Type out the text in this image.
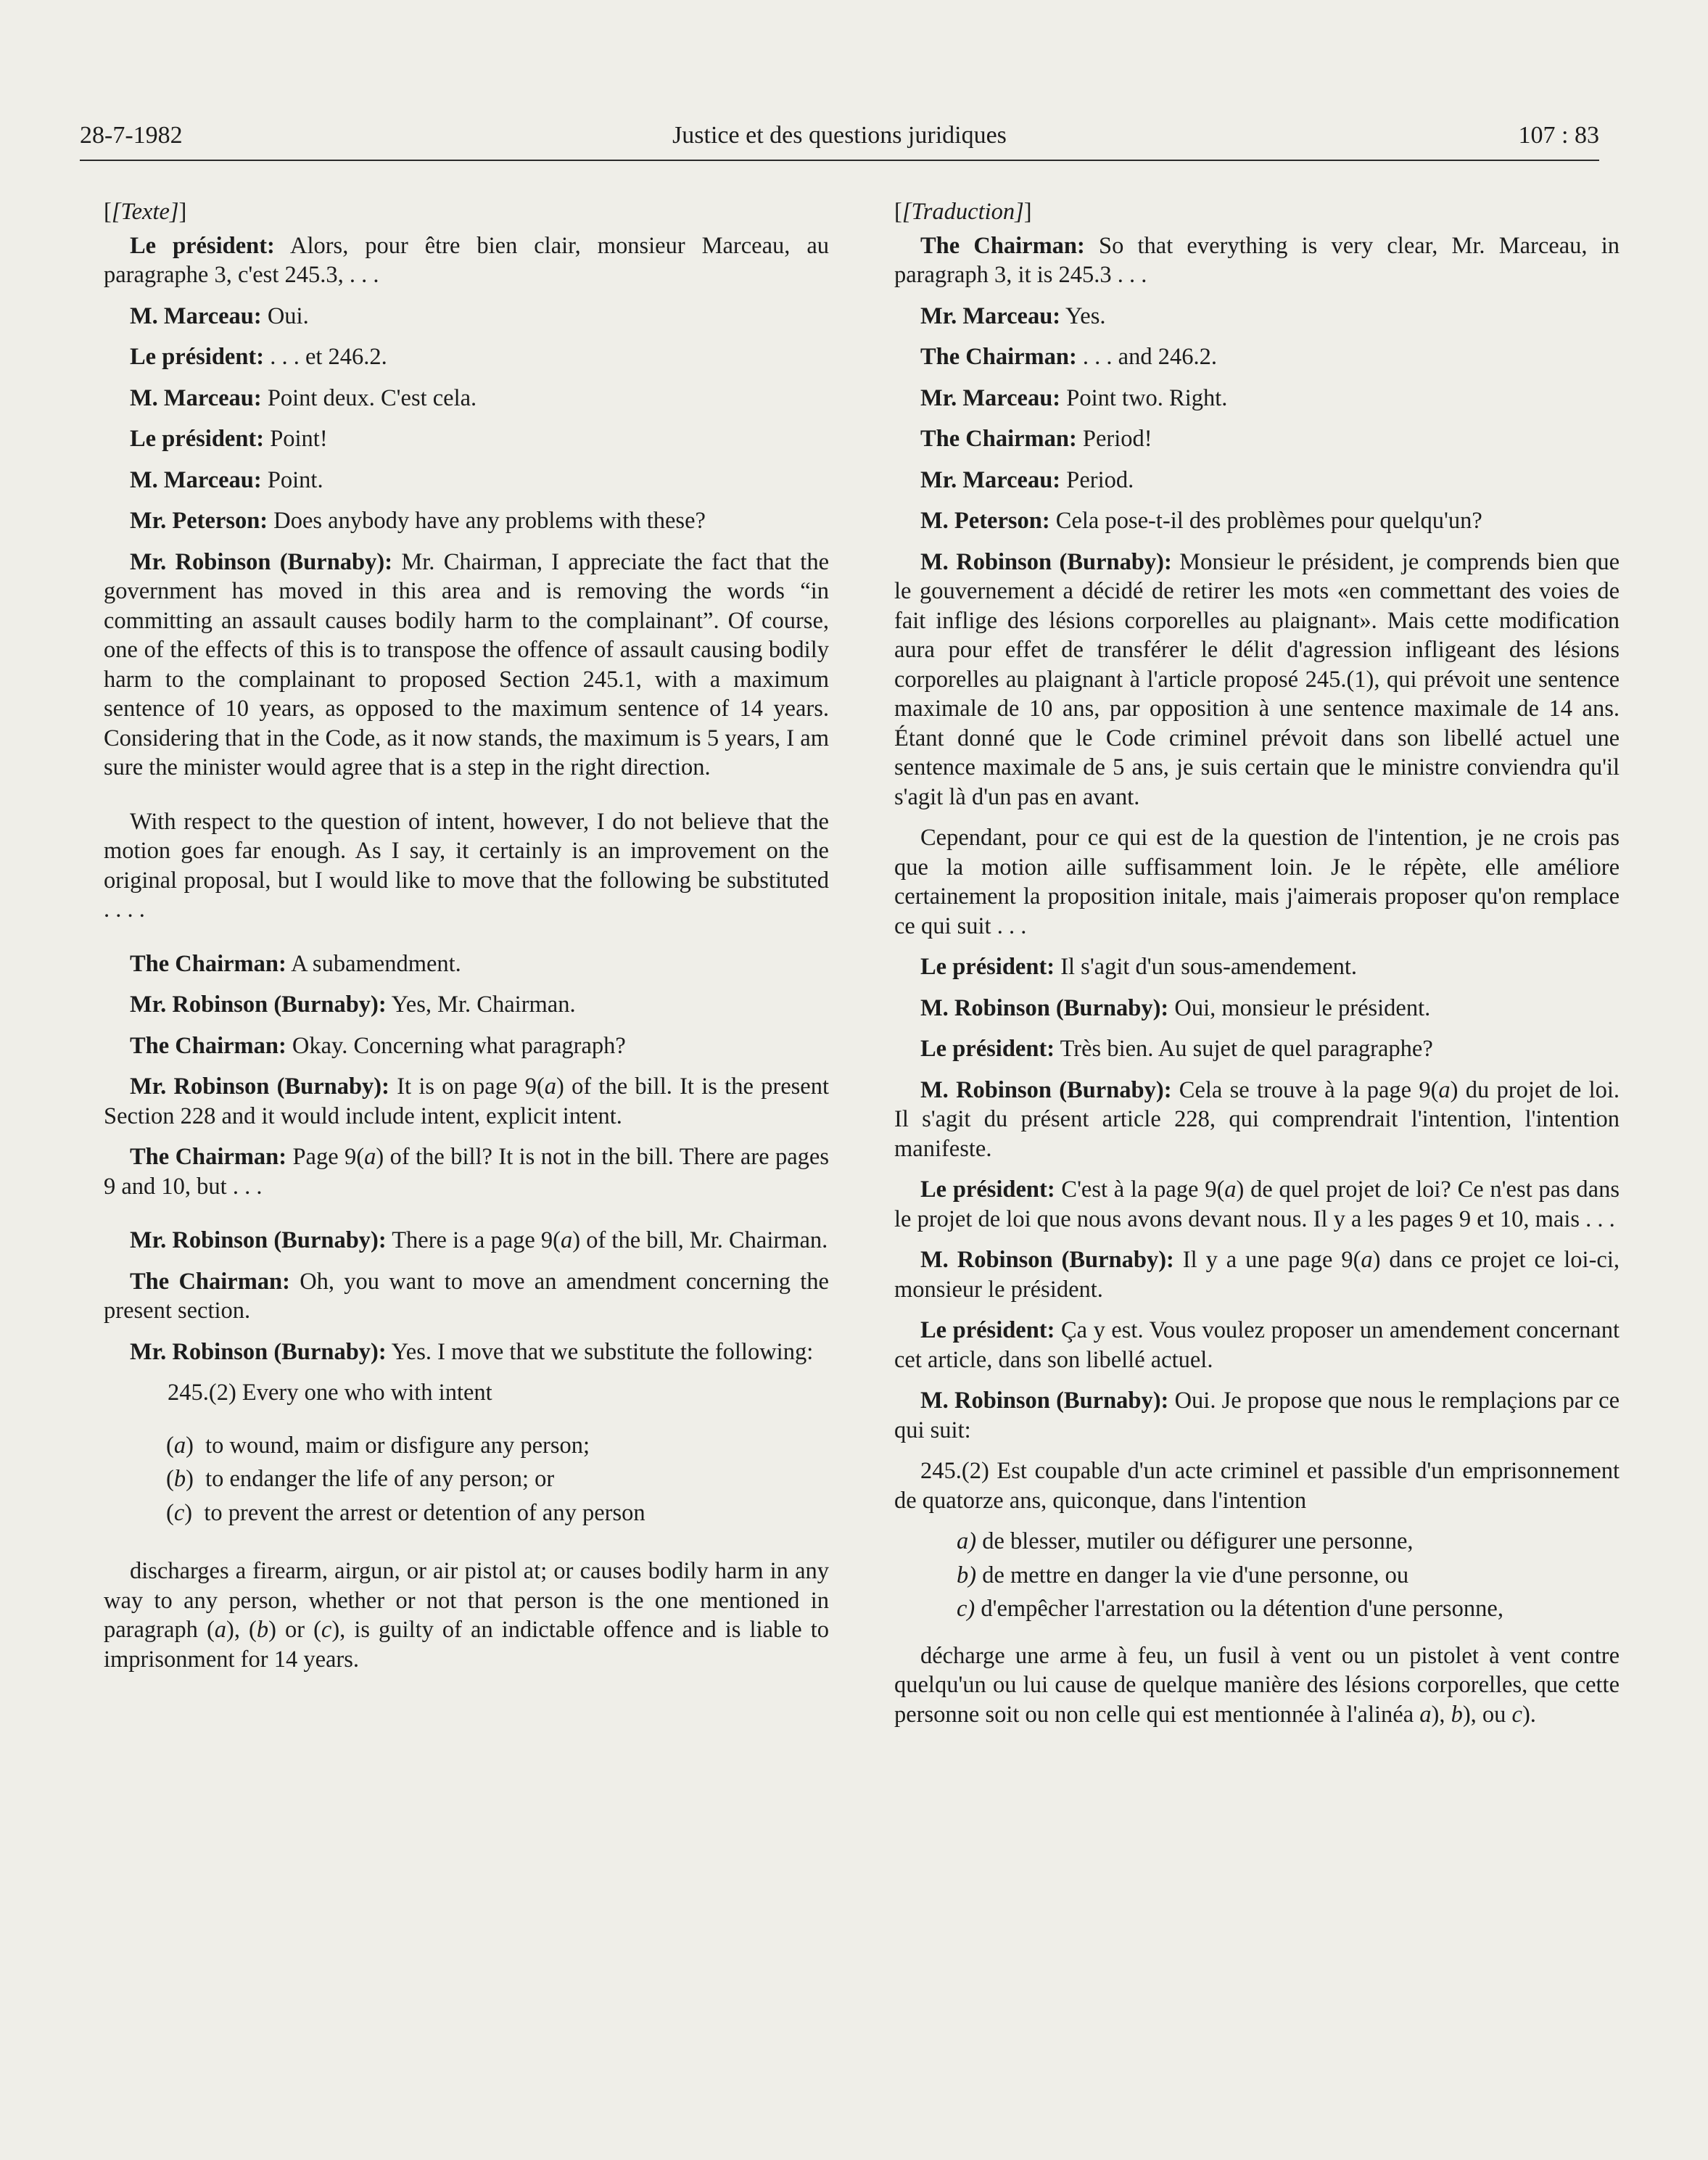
28-7-1982	Justice et des questions juridiques	107 : 83

[[Texte]]

Le président: Alors, pour être bien clair, monsieur Marceau, au paragraphe 3, c'est 245.3, . . .

M. Marceau: Oui.

Le président: . . . et 246.2.

M. Marceau: Point deux. C'est cela.

Le président: Point!

M. Marceau: Point.

Mr. Peterson: Does anybody have any problems with these?

Mr. Robinson (Burnaby): Mr. Chairman, I appreciate the fact that the government has moved in this area and is removing the words “in committing an assault causes bodily harm to the complainant”. Of course, one of the effects of this is to transpose the offence of assault causing bodily harm to the complainant to proposed Section 245.1, with a maximum sentence of 10 years, as opposed to the maximum sentence of 14 years. Considering that in the Code, as it now stands, the maximum is 5 years, I am sure the minister would agree that is a step in the right direction.

With respect to the question of intent, however, I do not believe that the motion goes far enough. As I say, it certainly is an improvement on the original proposal, but I would like to move that the following be substituted . . . .

The Chairman: A subamendment.

Mr. Robinson (Burnaby): Yes, Mr. Chairman.

The Chairman: Okay. Concerning what paragraph?

Mr. Robinson (Burnaby): It is on page 9(a) of the bill. It is the present Section 228 and it would include intent, explicit intent.

The Chairman: Page 9(a) of the bill? It is not in the bill. There are pages 9 and 10, but . . .

Mr. Robinson (Burnaby): There is a page 9(a) of the bill, Mr. Chairman.

The Chairman: Oh, you want to move an amendment concerning the present section.

Mr. Robinson (Burnaby): Yes. I move that we substitute the following:

245.(2) Every one who with intent

(a)  to wound, maim or disfigure any person;

(b)  to endanger the life of any person; or

(c)  to prevent the arrest or detention of any person

discharges a firearm, airgun, or air pistol at; or causes bodily harm in any way to any person, whether or not that person is the one mentioned in paragraph (a), (b) or (c), is guilty of an indictable offence and is liable to imprisonment for 14 years.

[[Traduction]]

The Chairman: So that everything is very clear, Mr. Marceau, in paragraph 3, it is 245.3 . . .

Mr. Marceau: Yes.

The Chairman: . . . and 246.2.

Mr. Marceau: Point two. Right.

The Chairman: Period!

Mr. Marceau: Period.

M. Peterson: Cela pose-t-il des problèmes pour quelqu'un?

M. Robinson (Burnaby): Monsieur le président, je comprends bien que le gouvernement a décidé de retirer les mots «en commettant des voies de fait inflige des lésions corporelles au plaignant». Mais cette modification aura pour effet de transférer le délit d'agression infligeant des lésions corporelles au plaignant à l'article proposé 245.(1), qui prévoit une sentence maximale de 10 ans, par opposition à une sentence maximale de 14 ans. Étant donné que le Code criminel prévoit dans son libellé actuel une sentence maximale de 5 ans, je suis certain que le ministre conviendra qu'il s'agit là d'un pas en avant.

Cependant, pour ce qui est de la question de l'intention, je ne crois pas que la motion aille suffisamment loin. Je le répète, elle améliore certainement la proposition initale, mais j'aimerais proposer qu'on remplace ce qui suit . . .

Le président: Il s'agit d'un sous-amendement.

M. Robinson (Burnaby): Oui, monsieur le président.

Le président: Très bien. Au sujet de quel paragraphe?

M. Robinson (Burnaby): Cela se trouve à la page 9(a) du projet de loi. Il s'agit du présent article 228, qui comprendrait l'intention, l'intention manifeste.

Le président: C'est à la page 9(a) de quel projet de loi? Ce n'est pas dans le projet de loi que nous avons devant nous. Il y a les pages 9 et 10, mais . . .

M. Robinson (Burnaby): Il y a une page 9(a) dans ce projet ce loi-ci, monsieur le président.

Le président: Ça y est. Vous voulez proposer un amendement concernant cet article, dans son libellé actuel.

M. Robinson (Burnaby): Oui. Je propose que nous le remplaçions par ce qui suit:

245.(2) Est coupable d'un acte criminel et passible d'un emprisonnement de quatorze ans, quiconque, dans l'intention

a) de blesser, mutiler ou défigurer une personne,

b) de mettre en danger la vie d'une personne, ou

c) d'empêcher l'arrestation ou la détention d'une personne,

décharge une arme à feu, un fusil à vent ou un pistolet à vent contre quelqu'un ou lui cause de quelque manière des lésions corporelles, que cette personne soit ou non celle qui est mentionnée à l'alinéa a), b), ou c).
